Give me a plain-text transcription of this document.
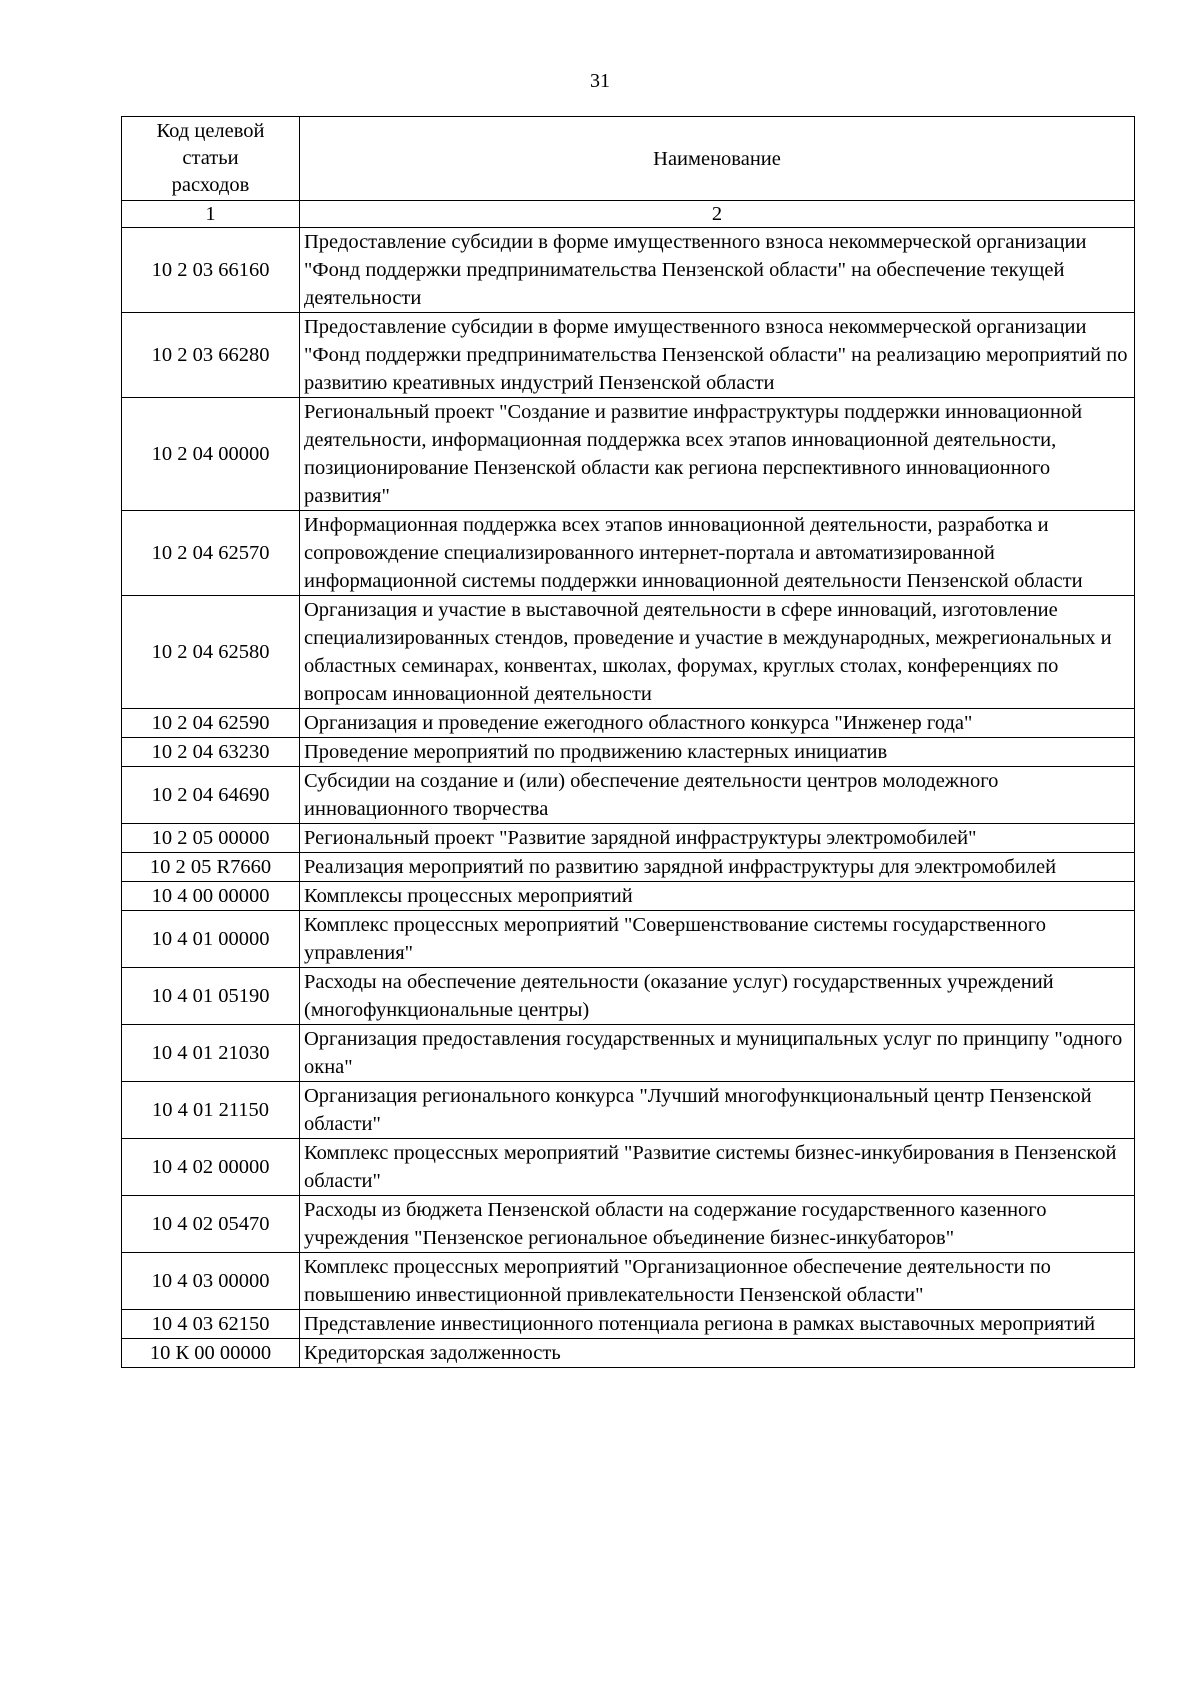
31
Код целевой
статьи
расходов	Наименование
1	2
10 2 03 66160	Предоставление субсидии в форме имущественного взноса некоммерческой организации "Фонд поддержки предпринимательства Пензенской области" на обеспечение текущей деятельности
10 2 03 66280	Предоставление субсидии в форме имущественного взноса некоммерческой организации "Фонд поддержки предпринимательства Пензенской области" на реализацию мероприятий по развитию креативных индустрий Пензенской области
10 2 04 00000	Региональный проект "Создание и развитие инфраструктуры поддержки инновационной деятельности, информационная поддержка всех этапов инновационной деятельности, позиционирование Пензенской области как региона перспективного инновационного развития"
10 2 04 62570	Информационная поддержка всех этапов инновационной деятельности, разработка и сопровождение специализированного интернет-портала и автоматизированной информационной системы поддержки инновационной деятельности Пензенской области
10 2 04 62580	Организация и участие в выставочной деятельности в сфере инноваций, изготовление специализированных стендов, проведение и участие в международных, межрегиональных и областных семинарах, конвентах, школах, форумах, круглых столах, конференциях по вопросам инновационной деятельности
10 2 04 62590	Организация и проведение ежегодного областного конкурса "Инженер года"
10 2 04 63230	Проведение мероприятий по продвижению кластерных инициатив
10 2 04 64690	Субсидии на создание и (или) обеспечение деятельности центров молодежного инновационного творчества
10 2 05 00000	Региональный проект "Развитие зарядной инфраструктуры электромобилей"
10 2 05 R7660	Реализация мероприятий по развитию зарядной инфраструктуры для электромобилей
10 4 00 00000	Комплексы процессных мероприятий
10 4 01 00000	Комплекс процессных мероприятий "Совершенствование системы государственного управления"
10 4 01 05190	Расходы на обеспечение деятельности (оказание услуг) государственных учреждений (многофункциональные центры)
10 4 01 21030	Организация предоставления государственных и муниципальных услуг по принципу "одного окна"
10 4 01 21150	Организация регионального конкурса "Лучший многофункциональный центр Пензенской области"
10 4 02 00000	Комплекс процессных мероприятий "Развитие системы бизнес-инкубирования в Пензенской области"
10 4 02 05470	Расходы из бюджета Пензенской области на содержание государственного казенного учреждения "Пензенское региональное объединение бизнес-инкубаторов"
10 4 03 00000	Комплекс процессных мероприятий "Организационное обеспечение деятельности по повышению инвестиционной привлекательности Пензенской области"
10 4 03 62150	Представление инвестиционного потенциала региона в рамках выставочных мероприятий
10 К 00 00000	Кредиторская задолженность
